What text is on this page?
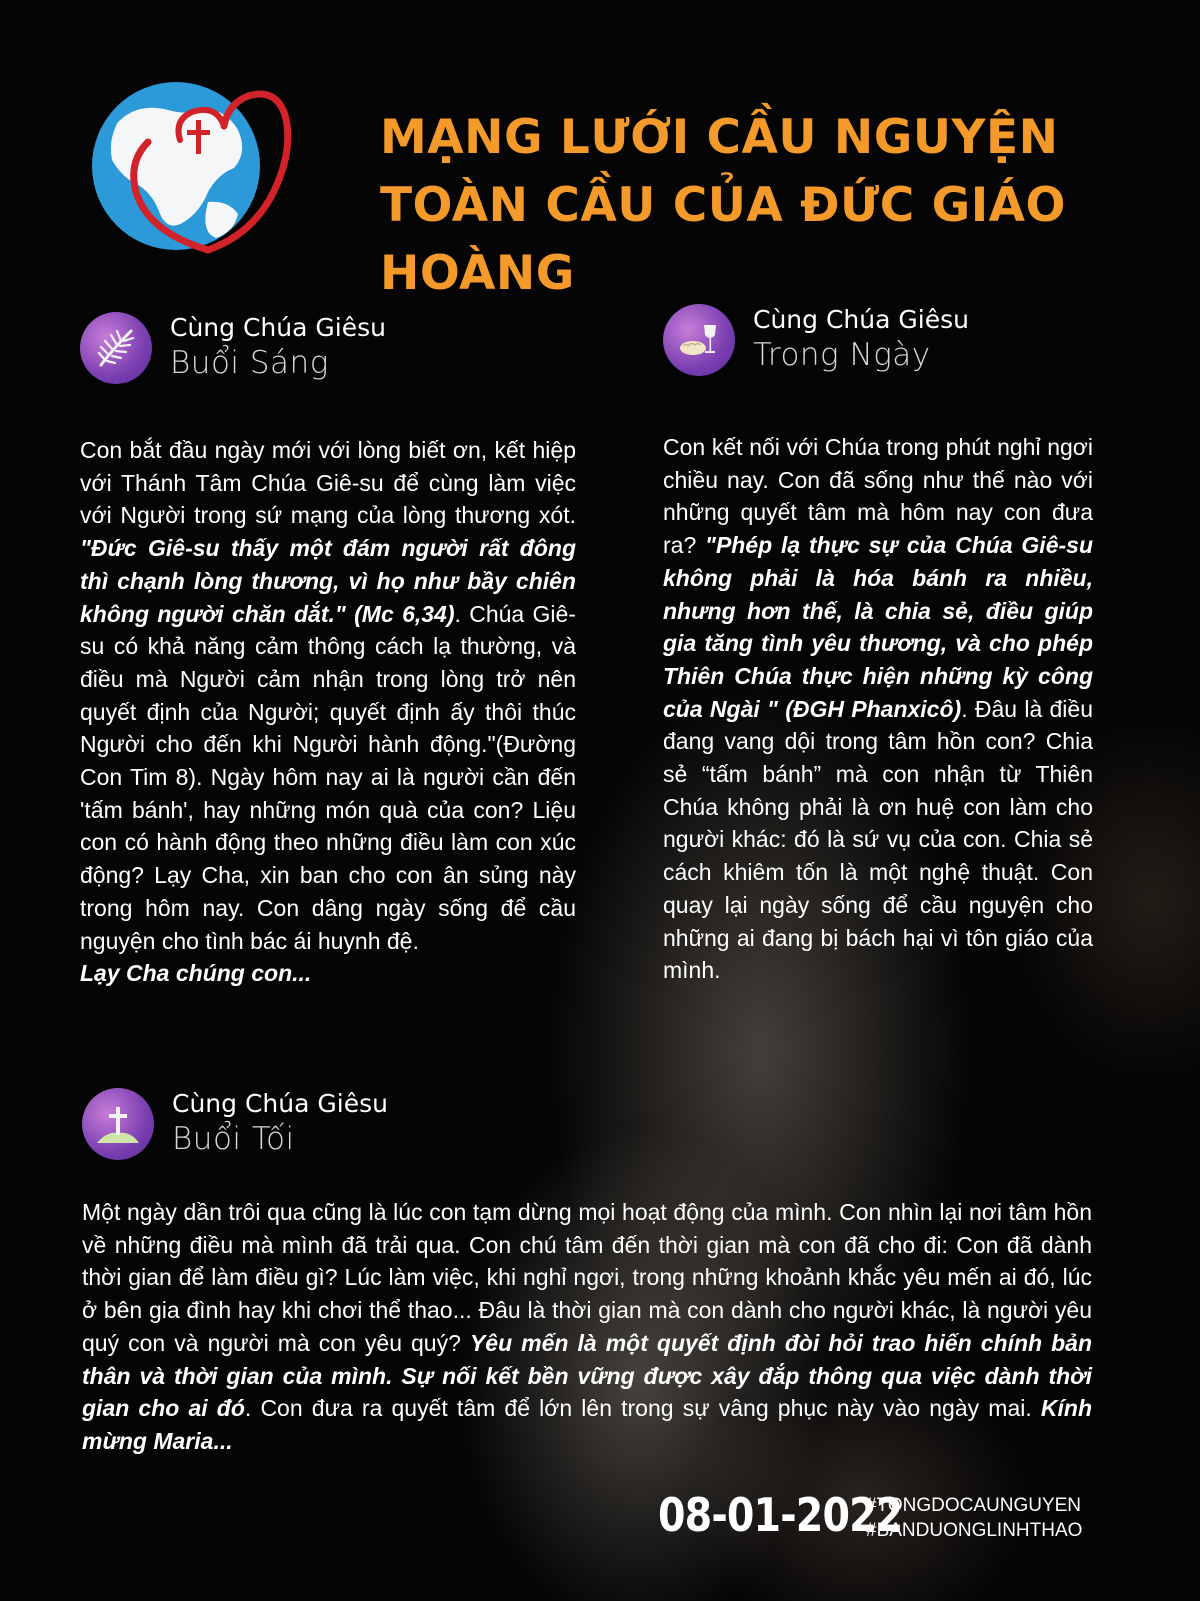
MẠNG LƯỚI CẦU NGUYỆN TOÀN CẦU CỦA ĐỨC GIÁO HOÀNG
Cùng Chúa Giêsu
Buổi Sáng
Con bắt đầu ngày mới với lòng biết ơn, kết hiệp với Thánh Tâm Chúa Giê-su để cùng làm việc với Người trong sứ mạng của lòng thương xót. "Đức Giê-su thấy một đám người rất đông thì chạnh lòng thương, vì họ như bầy chiên không người chăn dắt." (Mc 6,34). Chúa Giê-su có khả năng cảm thông cách lạ thường, và điều mà Người cảm nhận trong lòng trở nên quyết định của Người; quyết định ấy thôi thúc Người cho đến khi Người hành động."(Đường Con Tim 8). Ngày hôm nay ai là người cần đến 'tấm bánh', hay những món quà của con? Liệu con có hành động theo những điều làm con xúc động? Lạy Cha, xin ban cho con ân sủng này trong hôm nay. Con dâng ngày sống để cầu nguyện cho tình bác ái huynh đệ.
Lạy Cha chúng con...
Cùng Chúa Giêsu
Trong Ngày
Con kết nối với Chúa trong phút nghỉ ngơi chiều nay. Con đã sống như thế nào với những quyết tâm mà hôm nay con đưa ra? "Phép lạ thực sự của Chúa Giê-su không phải là hóa bánh ra nhiều, nhưng hơn thế, là chia sẻ, điều giúp gia tăng tình yêu thương, và cho phép Thiên Chúa thực hiện những kỳ công của Ngài " (ĐGH Phanxicô). Đâu là điều đang vang dội trong tâm hồn con? Chia sẻ “tấm bánh” mà con nhận từ Thiên Chúa không phải là ơn huệ con làm cho người khác: đó là sứ vụ của con. Chia sẻ cách khiêm tốn là một nghệ thuật. Con quay lại ngày sống để cầu nguyện cho những ai đang bị bách hại vì tôn giáo của mình.
Cùng Chúa Giêsu
Buổi Tối
Một ngày dần trôi qua cũng là lúc con tạm dừng mọi hoạt động của mình. Con nhìn lại nơi tâm hồn về những điều mà mình đã trải qua. Con chú tâm đến thời gian mà con đã cho đi: Con đã dành thời gian để làm điều gì? Lúc làm việc, khi nghỉ ngơi, trong những khoảnh khắc yêu mến ai đó, lúc ở bên gia đình hay khi chơi thể thao... Đâu là thời gian mà con dành cho người khác, là người yêu quý con và người mà con yêu quý? Yêu mến là một quyết định đòi hỏi trao hiến chính bản thân và thời gian của mình. Sự nối kết bền vững được xây đắp thông qua việc dành thời gian cho ai đó. Con đưa ra quyết tâm để lớn lên trong sự vâng phục này vào ngày mai. Kính mừng Maria...
08-01-2022
#TONGDOCAUNGUYEN
#BANDUONGLINHTHAO
